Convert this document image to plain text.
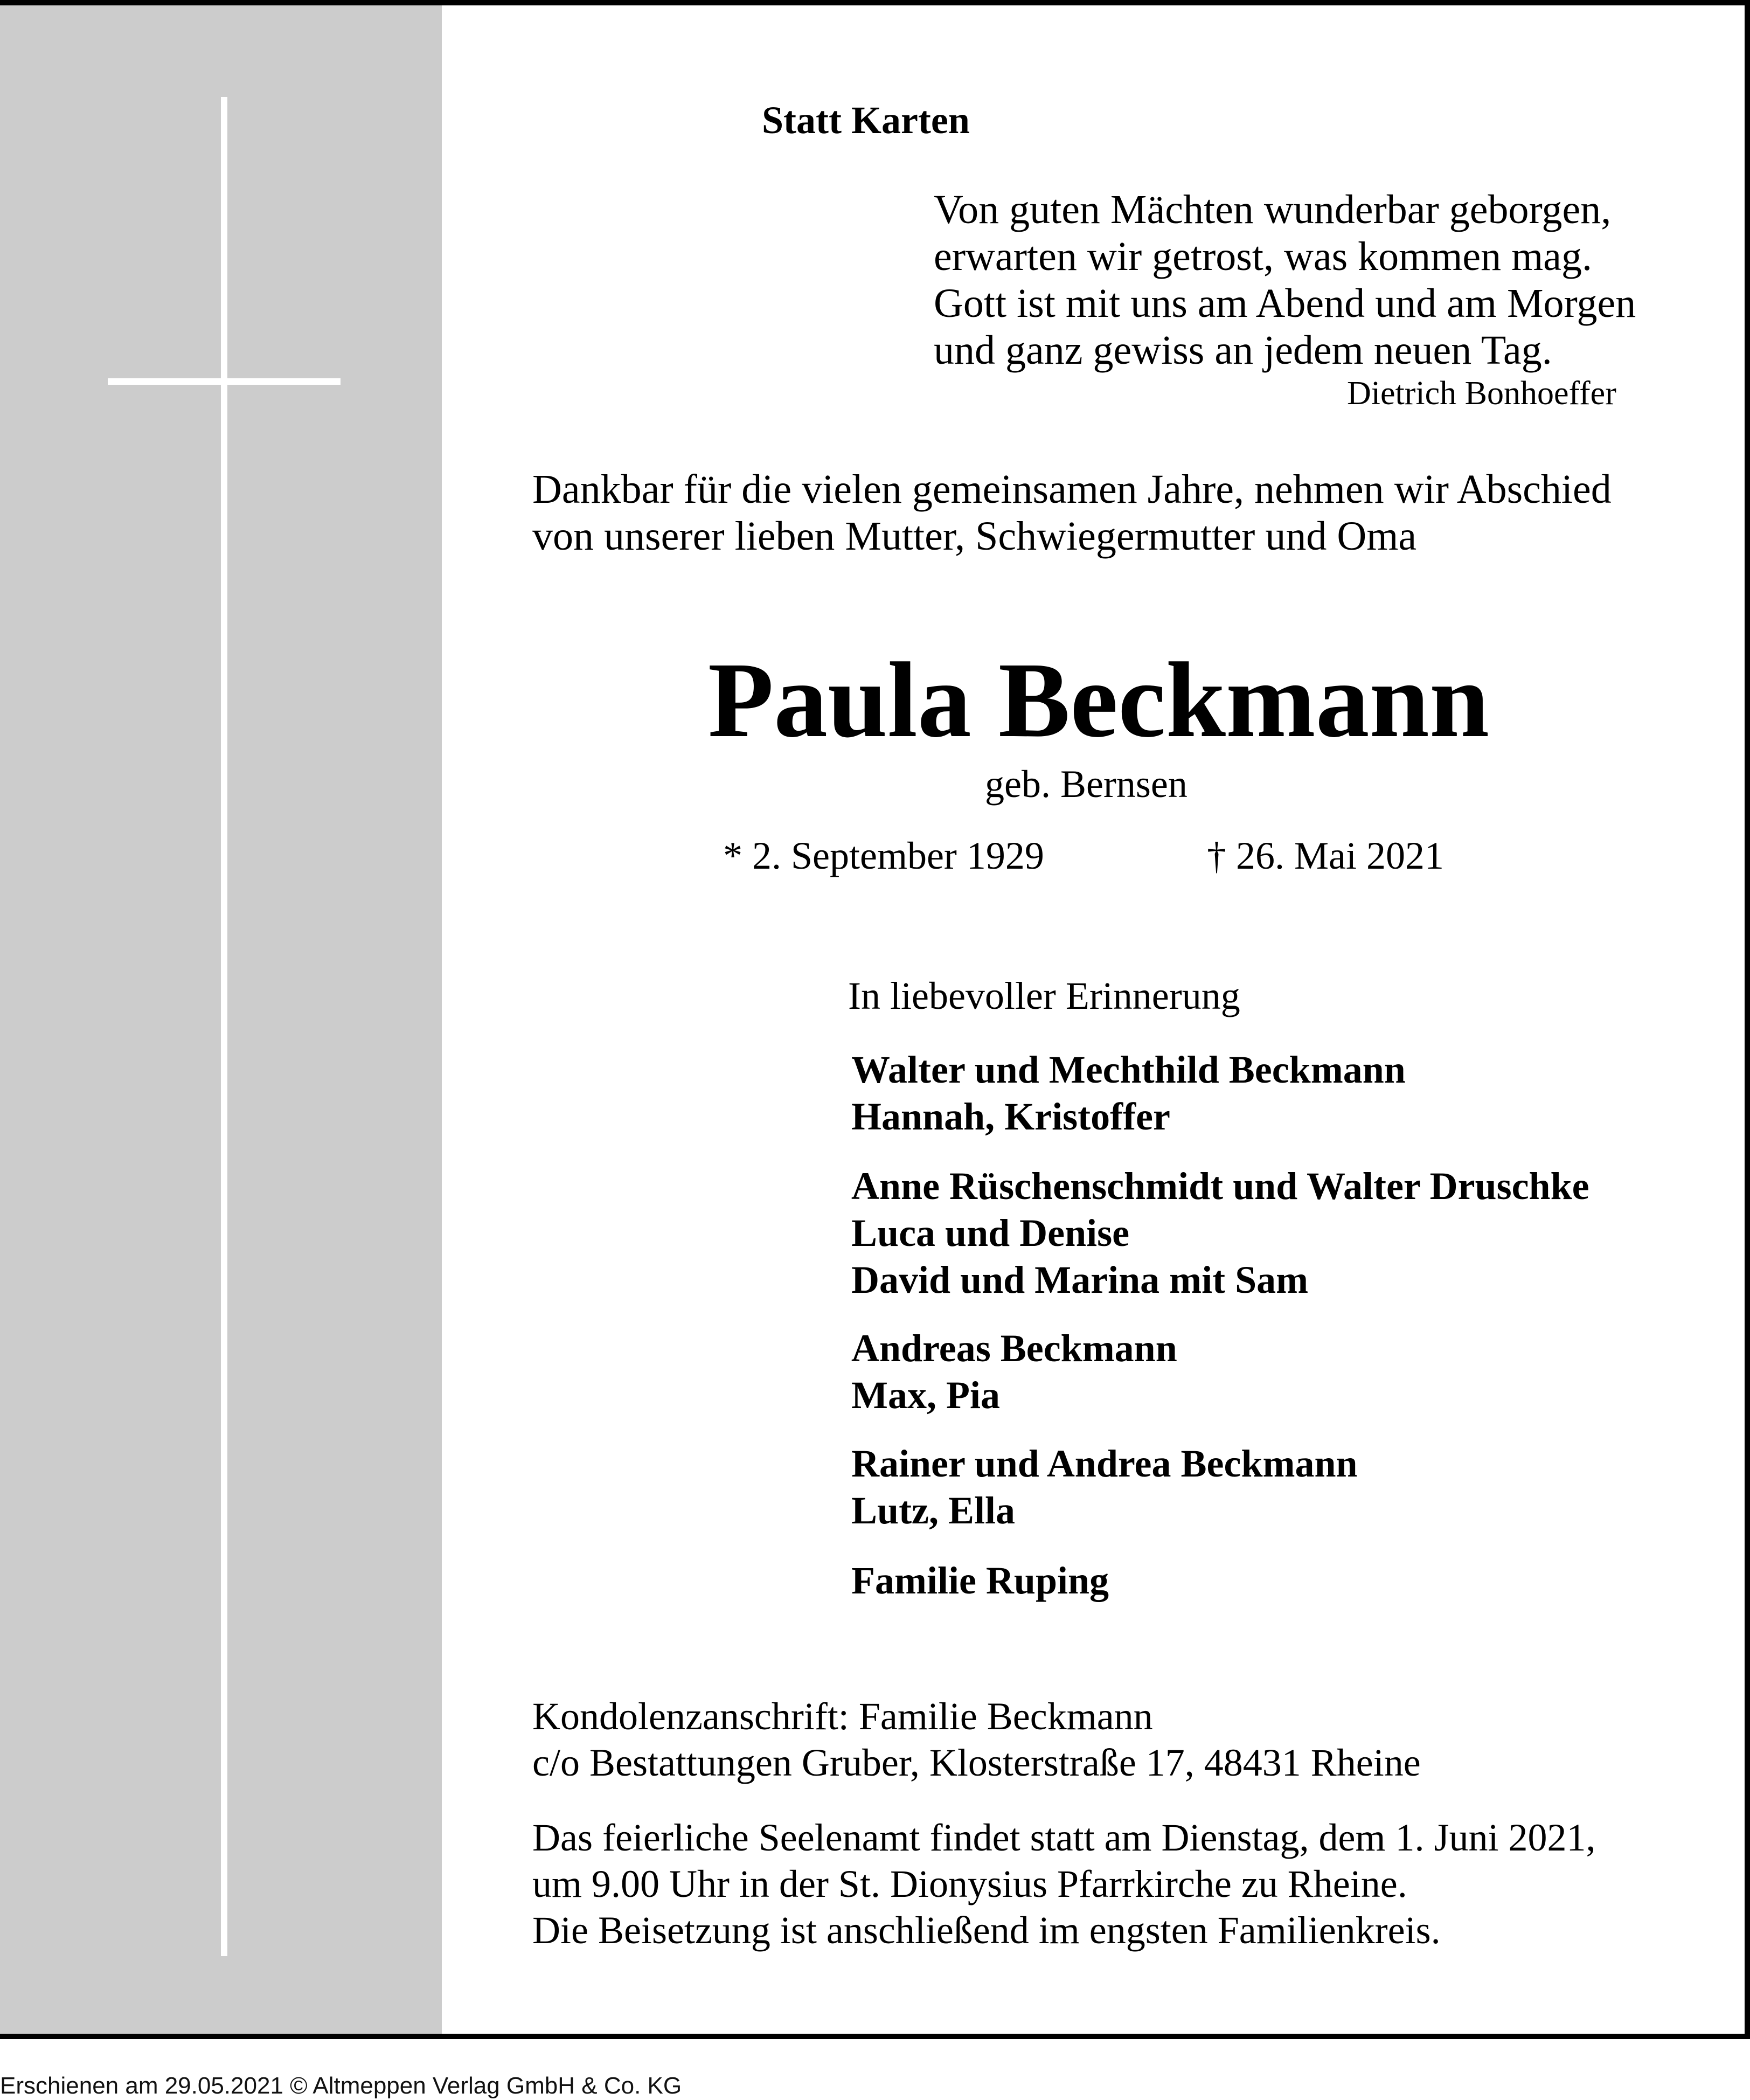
Statt Karten

Von guten Mächten wunderbar geborgen,
erwarten wir getrost, was kommen mag.
Gott ist mit uns am Abend und am Morgen
und ganz gewiss an jedem neuen Tag.

Dietrich Bonhoeffer

Dankbar für die vielen gemeinsamen Jahre, nehmen wir Abschied
von unserer lieben Mutter, Schwiegermutter und Oma

Paula Beckmann

geb. Bernsen

* 2. September 1929	† 26. Mai 2021

In liebevoller Erinnerung

Walter und Mechthild Beckmann
Hannah, Kristoffer
Anne Rüschenschmidt und Walter Druschke
Luca und Denise
David und Marina mit Sam
Andreas Beckmann
Max, Pia
Rainer und Andrea Beckmann
Lutz, Ella
Familie Ruping
Kondolenzanschrift: Familie Beckmann
c/o Bestattungen Gruber, Klosterstraße 17, 48431 Rheine
Das feierliche Seelenamt findet statt am Dienstag, dem 1. Juni 2021,
um 9.00 Uhr in der St. Dionysius Pfarrkirche zu Rheine.
Die Beisetzung ist anschließend im engsten Familienkreis.

Erschienen am 29.05.2021 © Altmeppen Verlag GmbH & Co. KG
